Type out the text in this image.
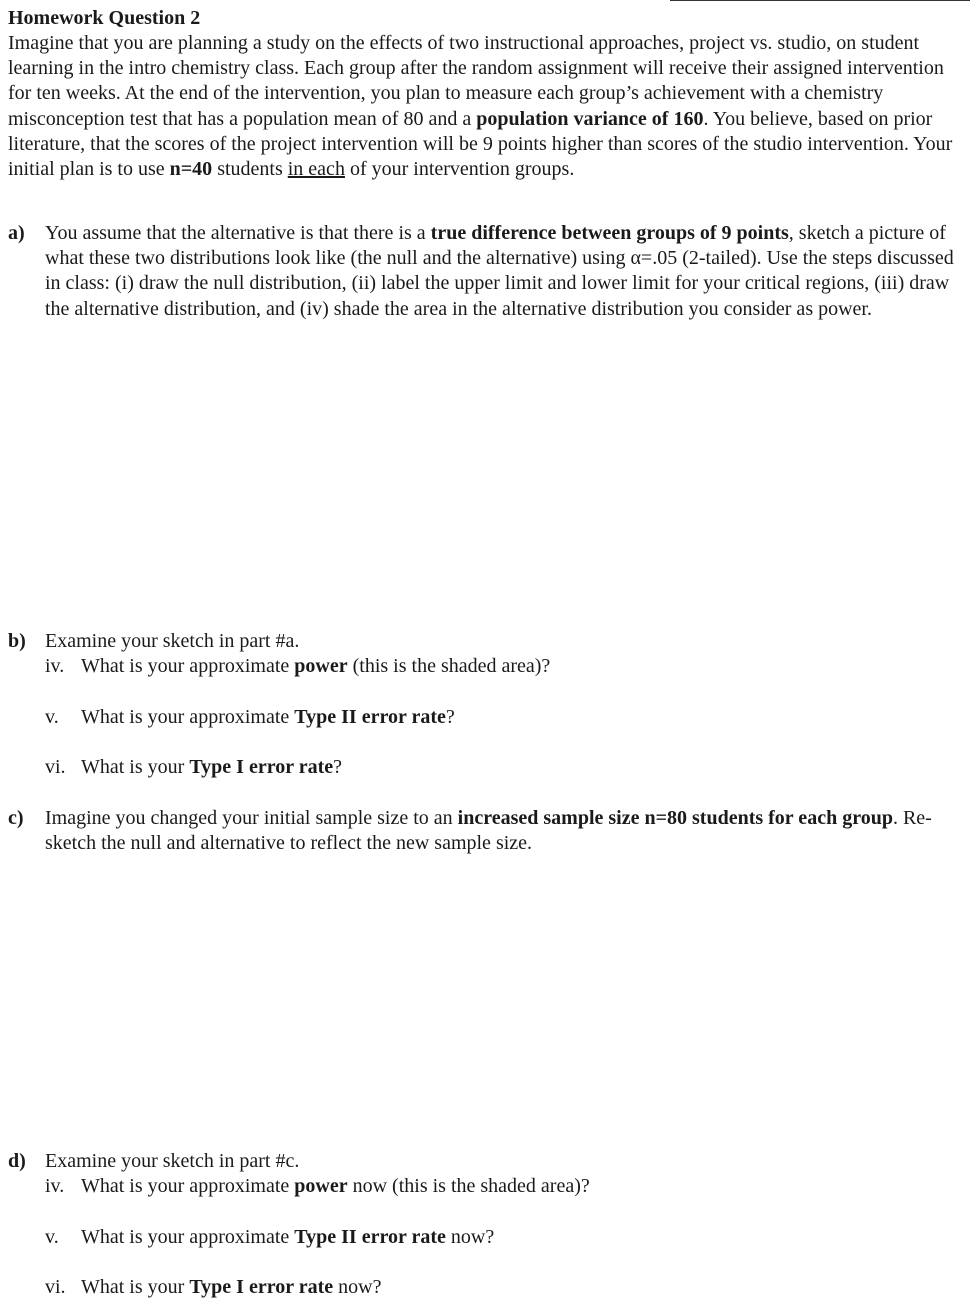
Homework Question 2
Imagine that you are planning a study on the effects of two instructional approaches, project vs. studio, on student learning in the intro chemistry class. Each group after the random assignment will receive their assigned intervention for ten weeks. At the end of the intervention, you plan to measure each group’s achievement with a chemistry misconception test that has a population mean of 80 and a population variance of 160. You believe, based on prior literature, that the scores of the project intervention will be 9 points higher than scores of the studio intervention. Your initial plan is to use n=40 students in each of your intervention groups.
a) You assume that the alternative is that there is a true difference between groups of 9 points, sketch a picture of what these two distributions look like (the null and the alternative) using α=.05 (2-tailed). Use the steps discussed in class: (i) draw the null distribution, (ii) label the upper limit and lower limit for your critical regions, (iii) draw the alternative distribution, and (iv) shade the area in the alternative distribution you consider as power.
b) Examine your sketch in part #a.
iv. What is your approximate power (this is the shaded area)?
v. What is your approximate Type II error rate?
vi. What is your Type I error rate?
c) Imagine you changed your initial sample size to an increased sample size n=80 students for each group. Re-sketch the null and alternative to reflect the new sample size.
d) Examine your sketch in part #c.
iv. What is your approximate power now (this is the shaded area)?
v. What is your approximate Type II error rate now?
vi. What is your Type I error rate now?
